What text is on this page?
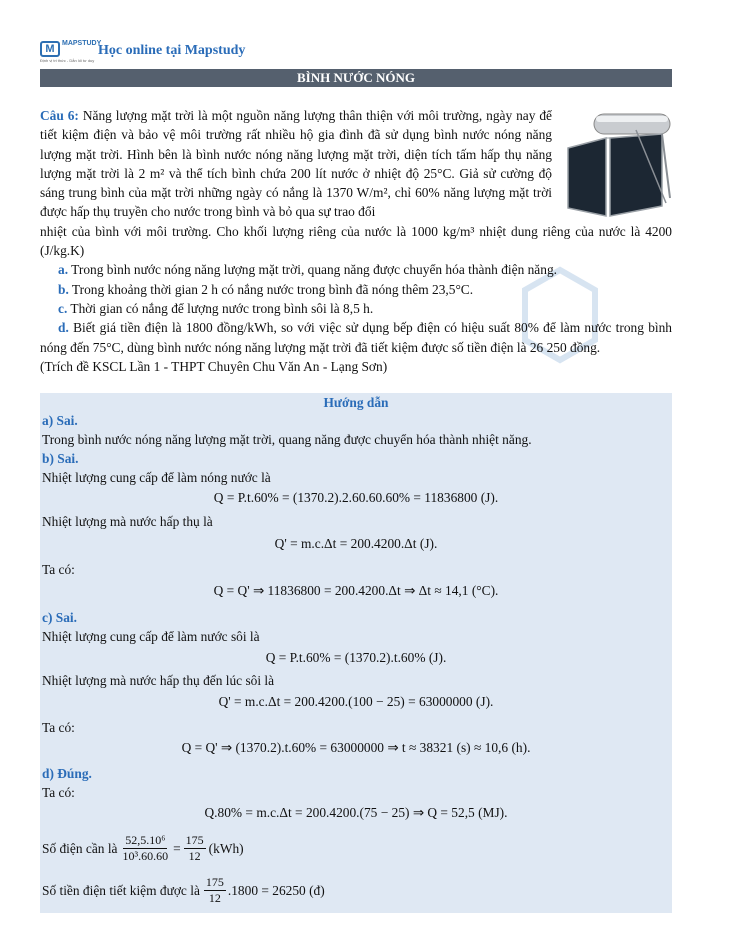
M	MAPSTUDY
Định vị tri thức - Dẫn lối tư duy
Học online tại Mapstudy
BÌNH NƯỚC NÓNG
Câu 6: Năng lượng mặt trời là một nguồn năng lượng thân thiện với môi trường, ngày nay để tiết kiệm điện và bảo vệ môi trường rất nhiều hộ gia đình đã sử dụng bình nước nóng năng lượng mặt trời. Hình bên là bình nước nóng năng lượng mặt trời, diện tích tấm hấp thụ năng lượng mặt trời là 2 m² và thể tích bình chứa 200 lít nước ở nhiệt độ 25°C. Giả sử cường độ sáng trung bình của mặt trời những ngày có nắng là 1370 W/m², chỉ 60% năng lượng mặt trời được hấp thụ truyền cho nước trong bình và bỏ qua sự trao đổi
nhiệt của bình với môi trường. Cho khối lượng riêng của nước là 1000 kg/m³ nhiệt dung riêng của nước là 4200 (J/kg.K)
a. Trong bình nước nóng năng lượng mặt trời, quang năng được chuyển hóa thành điện năng.
b. Trong khoảng thời gian 2 h có nắng nước trong bình đã nóng thêm 23,5°C.
c. Thời gian có nắng để lượng nước trong bình sôi là 8,5 h.
d. Biết giá tiền điện là 1800 đồng/kWh, so với việc sử dụng bếp điện có hiệu suất 80% để làm nước trong bình nóng đến 75°C, dùng bình nước nóng năng lượng mặt trời đã tiết kiệm được số tiền điện là 26 250 đồng.
(Trích đề KSCL Lần 1 - THPT Chuyên Chu Văn An - Lạng Sơn)
Hướng dẫn
a) Sai.
Trong bình nước nóng năng lượng mặt trời, quang năng được chuyển hóa thành nhiệt năng.
b) Sai.
Nhiệt lượng cung cấp để làm nóng nước là
Q = P.t.60% = (1370.2).2.60.60.60% = 11836800 (J).
Nhiệt lượng mà nước hấp thụ là
Q' = m.c.Δt = 200.4200.Δt (J).
Ta có:
Q = Q' ⇒ 11836800 = 200.4200.Δt ⇒ Δt ≈ 14,1 (°C).
c) Sai.
Nhiệt lượng cung cấp để làm nước sôi là
Q = P.t.60% = (1370.2).t.60% (J).
Nhiệt lượng mà nước hấp thụ đến lúc sôi là
Q' = m.c.Δt = 200.4200.(100 − 25) = 63000000 (J).
Ta có:
Q = Q' ⇒ (1370.2).t.60% = 63000000 ⇒ t ≈ 38321 (s) ≈ 10,6 (h).
d) Đúng.
Ta có:
Q.80% = m.c.Δt = 200.4200.(75 − 25) ⇒ Q = 52,5 (MJ).
Số điện cần là $\frac{\text{52,5.10⁶}}{\text{10³.60.60}} = \frac{175}{12} (kWh)$
Số tiền điện tiết kiệm được là
175
12
.1800 = 26250 (đ)
